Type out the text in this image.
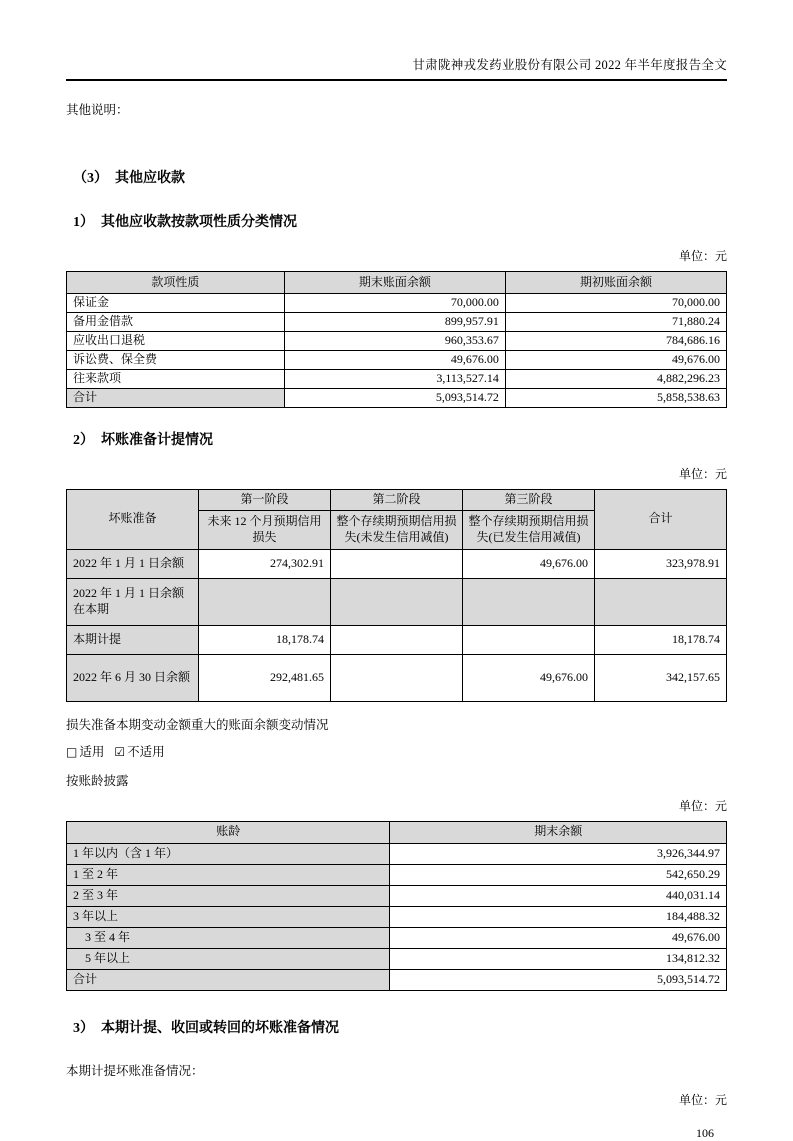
甘肃陇神戎发药业股份有限公司 2022 年半年度报告全文

其他说明：

（3）　其他应收款

1）　其他应收款按款项性质分类情况

单位：元
款项性质	期末账面余额	期初账面余额
保证金	70,000.00	70,000.00
备用金借款	899,957.91	71,880.24
应收出口退税	960,353.67	784,686.16
诉讼费、保全费	49,676.00	49,676.00
往来款项	3,113,527.14	4,882,296.23
合计	5,093,514.72	5,858,538.63

2）　坏账准备计提情况

单位：元
坏账准备	第一阶段	第二阶段	第三阶段	合计
	未来 12 个月预期信用损失	整个存续期预期信用损失(未发生信用减值)	整个存续期预期信用损失(已发生信用减值)	
2022 年 1 月 1 日余额	274,302.91		49,676.00	323,978.91
2022 年 1 月 1 日余额在本期				
本期计提	18,178.74			18,178.74
2022 年 6 月 30 日余额	292,481.65		49,676.00	342,157.65

损失准备本期变动金额重大的账面余额变动情况

□ 适用 ☑ 不适用

按账龄披露

单位：元
账龄	期末余额
1 年以内（含 1 年）	3,926,344.97
1 至 2 年	542,650.29
2 至 3 年	440,031.14
3 年以上	184,488.32
　3 至 4 年	49,676.00
　5 年以上	134,812.32
合计	5,093,514.72

3）　本期计提、收回或转回的坏账准备情况

本期计提坏账准备情况：

单位：元
106
